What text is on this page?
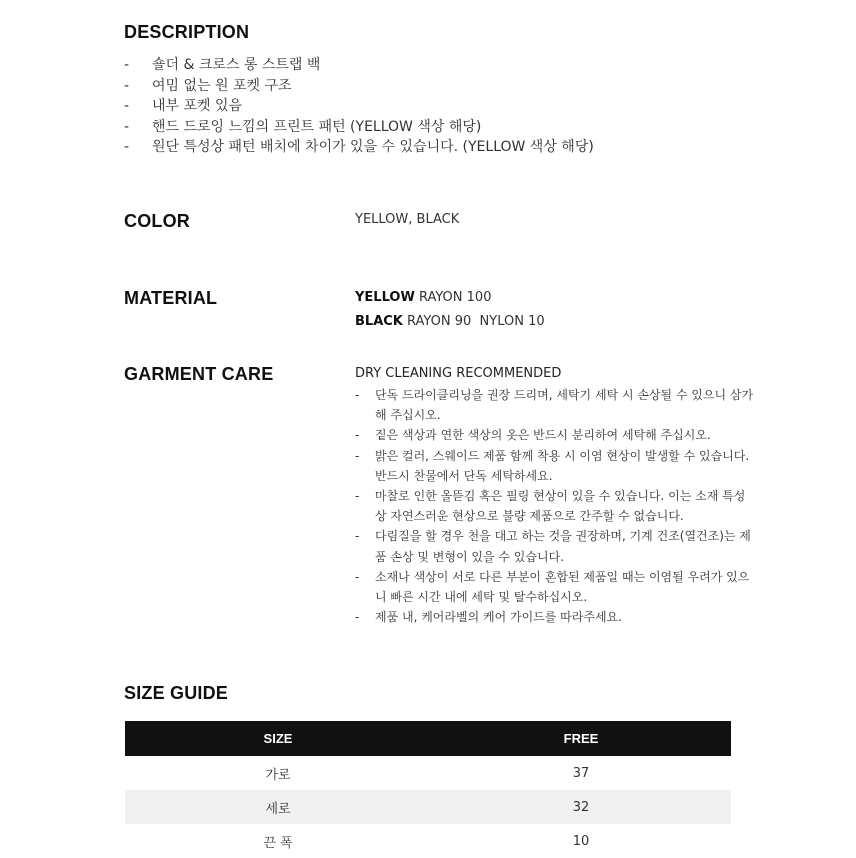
DESCRIPTION
- 숄더 & 크로스 롱 스트랩 백
- 여밈 없는 원 포켓 구조
- 내부 포켓 있음
- 핸드 드로잉 느낌의 프린트 패턴 (YELLOW 색상 해당)
- 원단 특성상 패턴 배치에 차이가 있을 수 있습니다. (YELLOW 색상 해당)
COLOR	YELLOW, BLACK
MATERIAL	YELLOW RAYON 100
BLACK RAYON 90  NYLON 10
GARMENT CARE	DRY CLEANING RECOMMENDED
-	단독 드라이클리닝을 권장 드리며, 세탁기 세탁 시 손상될 수 있으니 삼가해 주십시오.
-	짙은 색상과 연한 색상의 옷은 반드시 분리하여 세탁해 주십시오.
-	밝은 컬러, 스웨이드 제품 함께 착용 시 이염 현상이 발생할 수 있습니다. 반드시 찬물에서 단독 세탁하세요.
-	마찰로 인한 올뜯김 혹은 필링 현상이 있을 수 있습니다. 이는 소재 특성상 자연스러운 현상으로 불량 제품으로 간주할 수 없습니다.
-	다림질을 할 경우 천을 대고 하는 것을 권장하며, 기계 건조(열건조)는 제품 손상 및 변형이 있을 수 있습니다.
-	소재나 색상이 서로 다른 부분이 혼합된 제품일 때는 이염될 우려가 있으니 빠른 시간 내에 세탁 및 탈수하십시오.
-	제품 내, 케어라벨의 케어 가이드를 따라주세요.
SIZE GUIDE
SIZE	FREE
가로	37
세로	32
끈 폭	10
